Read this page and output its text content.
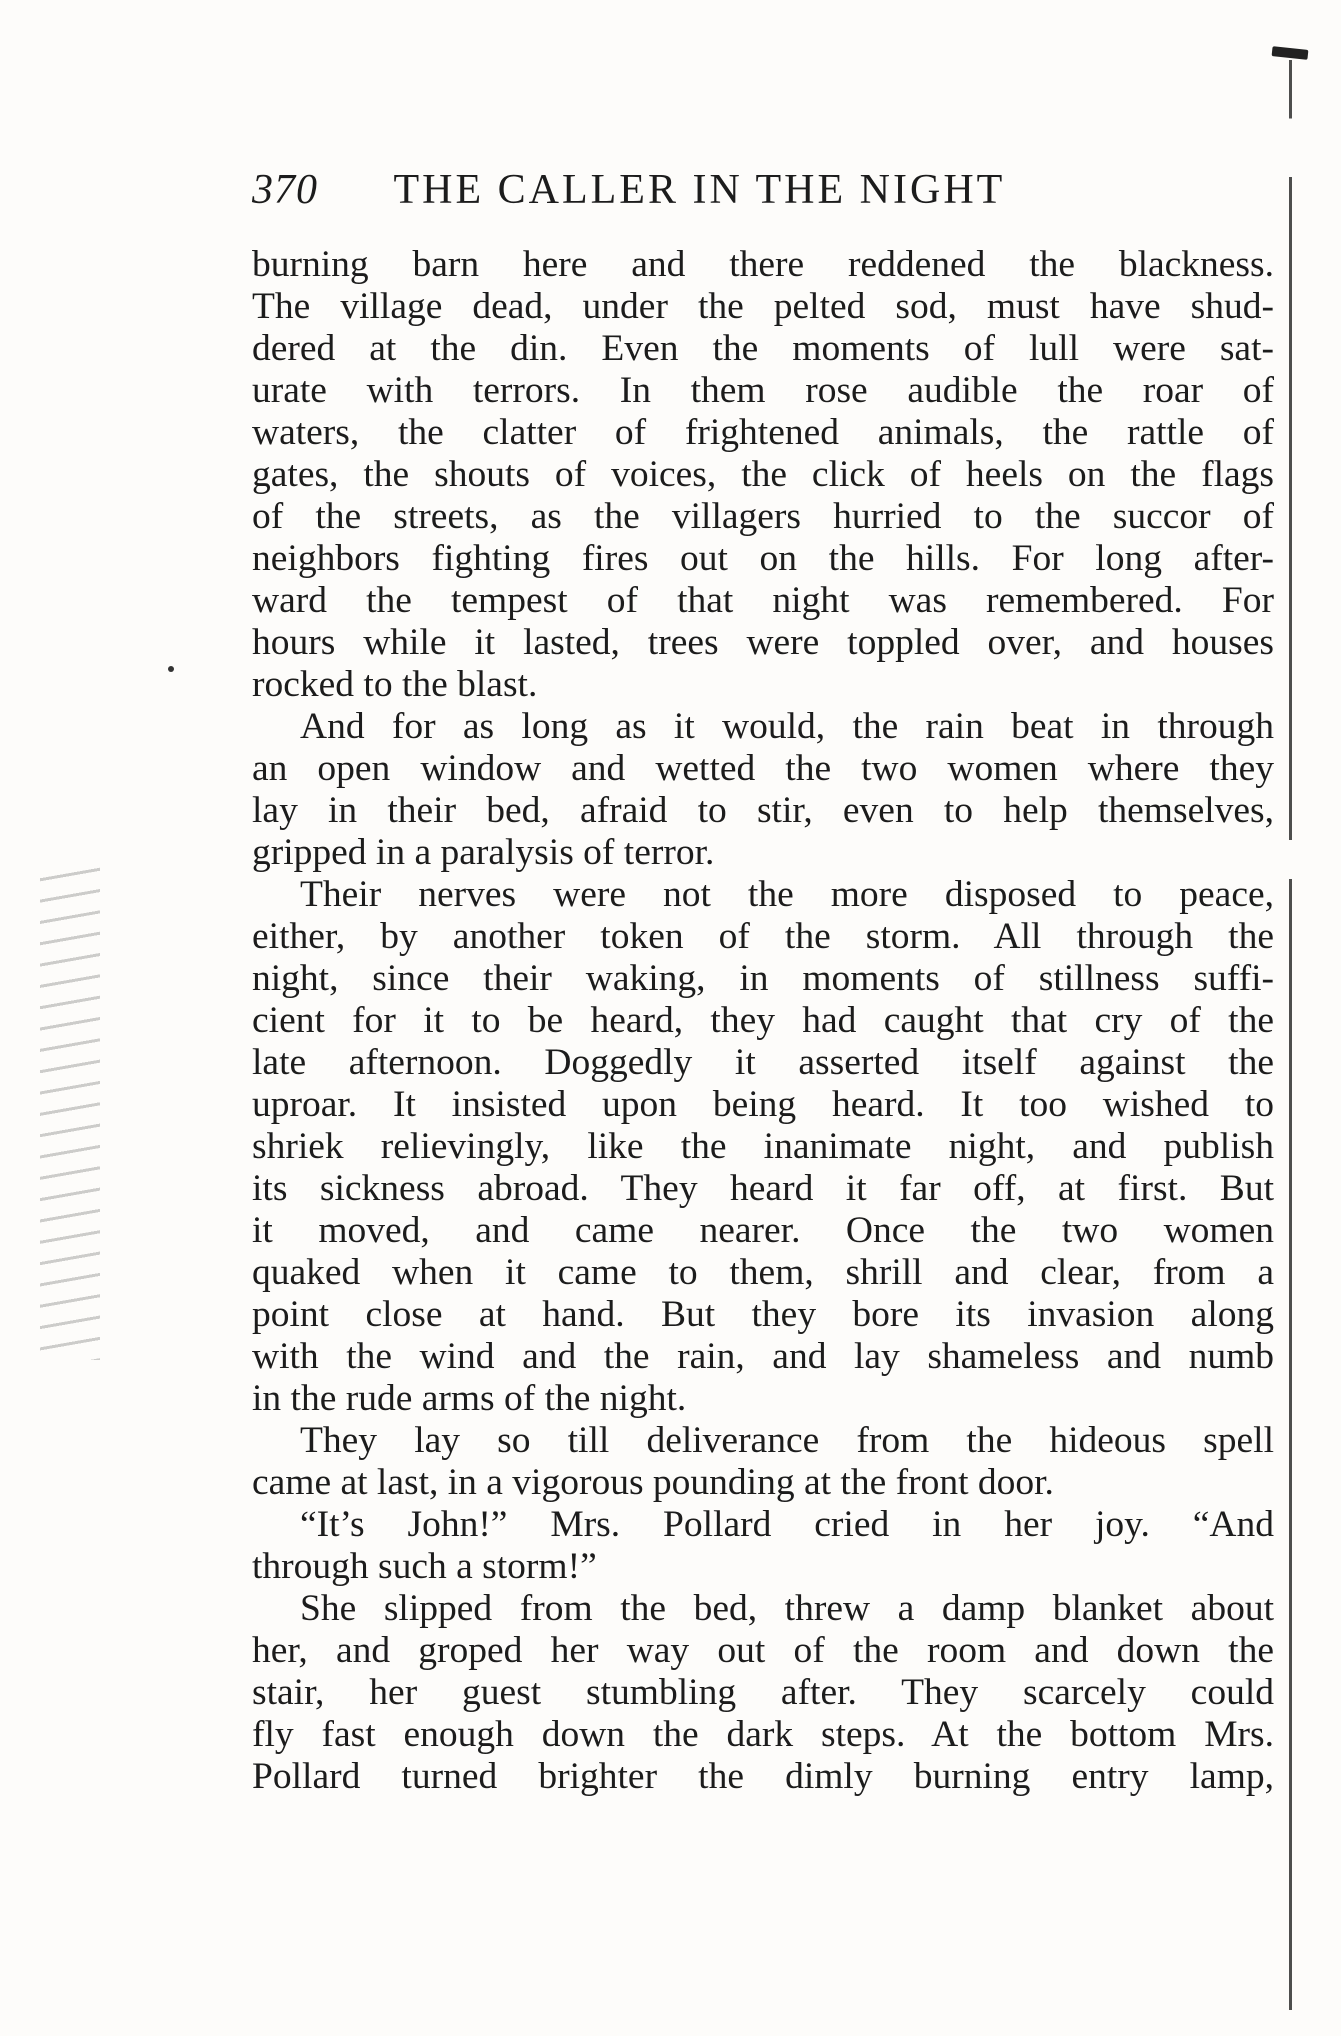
370 THE CALLER IN THE NIGHT
burning barn here and there reddened the blackness.
The village dead, under the pelted sod, must have shud-
dered at the din. Even the moments of lull were sat-
urate with terrors. In them rose audible the roar of
waters, the clatter of frightened animals, the rattle of
gates, the shouts of voices, the click of heels on the flags
of the streets, as the villagers hurried to the succor of
neighbors fighting fires out on the hills. For long after-
ward the tempest of that night was remembered. For
hours while it lasted, trees were toppled over, and houses
rocked to the blast.
And for as long as it would, the rain beat in through
an open window and wetted the two women where they
lay in their bed, afraid to stir, even to help themselves,
gripped in a paralysis of terror.
Their nerves were not the more disposed to peace,
either, by another token of the storm. All through the
night, since their waking, in moments of stillness suffi-
cient for it to be heard, they had caught that cry of the
late afternoon. Doggedly it asserted itself against the
uproar. It insisted upon being heard. It too wished to
shriek relievingly, like the inanimate night, and publish
its sickness abroad. They heard it far off, at first. But
it moved, and came nearer. Once the two women
quaked when it came to them, shrill and clear, from a
point close at hand. But they bore its invasion along
with the wind and the rain, and lay shameless and numb
in the rude arms of the night.
They lay so till deliverance from the hideous spell
came at last, in a vigorous pounding at the front door.
“It’s John!” Mrs. Pollard cried in her joy. “And
through such a storm!”
She slipped from the bed, threw a damp blanket about
her, and groped her way out of the room and down the
stair, her guest stumbling after. They scarcely could
fly fast enough down the dark steps. At the bottom Mrs.
Pollard turned brighter the dimly burning entry lamp,
